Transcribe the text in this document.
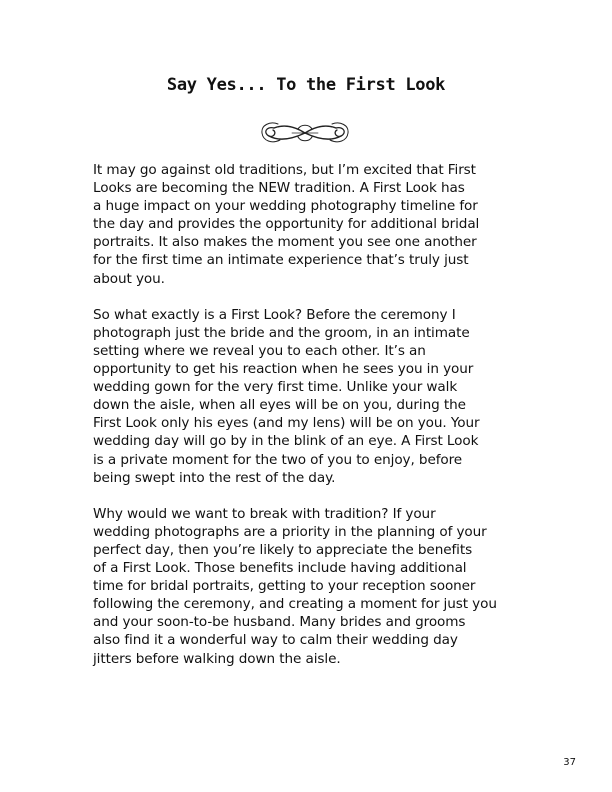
Say Yes... To the First Look

It may go against old traditions, but I’m excited that First
Looks are becoming the NEW tradition. A First Look has
a huge impact on your wedding photography timeline for
the day and provides the opportunity for additional bridal
portraits. It also makes the moment you see one another
for the first time an intimate experience that’s truly just
about you.

So what exactly is a First Look? Before the ceremony I
photograph just the bride and the groom, in an intimate
setting where we reveal you to each other. It’s an
opportunity to get his reaction when he sees you in your
wedding gown for the very first time. Unlike your walk
down the aisle, when all eyes will be on you, during the
First Look only his eyes (and my lens) will be on you. Your
wedding day will go by in the blink of an eye. A First Look
is a private moment for the two of you to enjoy, before
being swept into the rest of the day.

Why would we want to break with tradition? If your
wedding photographs are a priority in the planning of your
perfect day, then you’re likely to appreciate the benefits
of a First Look. Those benefits include having additional
time for bridal portraits, getting to your reception sooner
following the ceremony, and creating a moment for just you
and your soon-to-be husband. Many brides and grooms
also find it a wonderful way to calm their wedding day
jitters before walking down the aisle.

37
